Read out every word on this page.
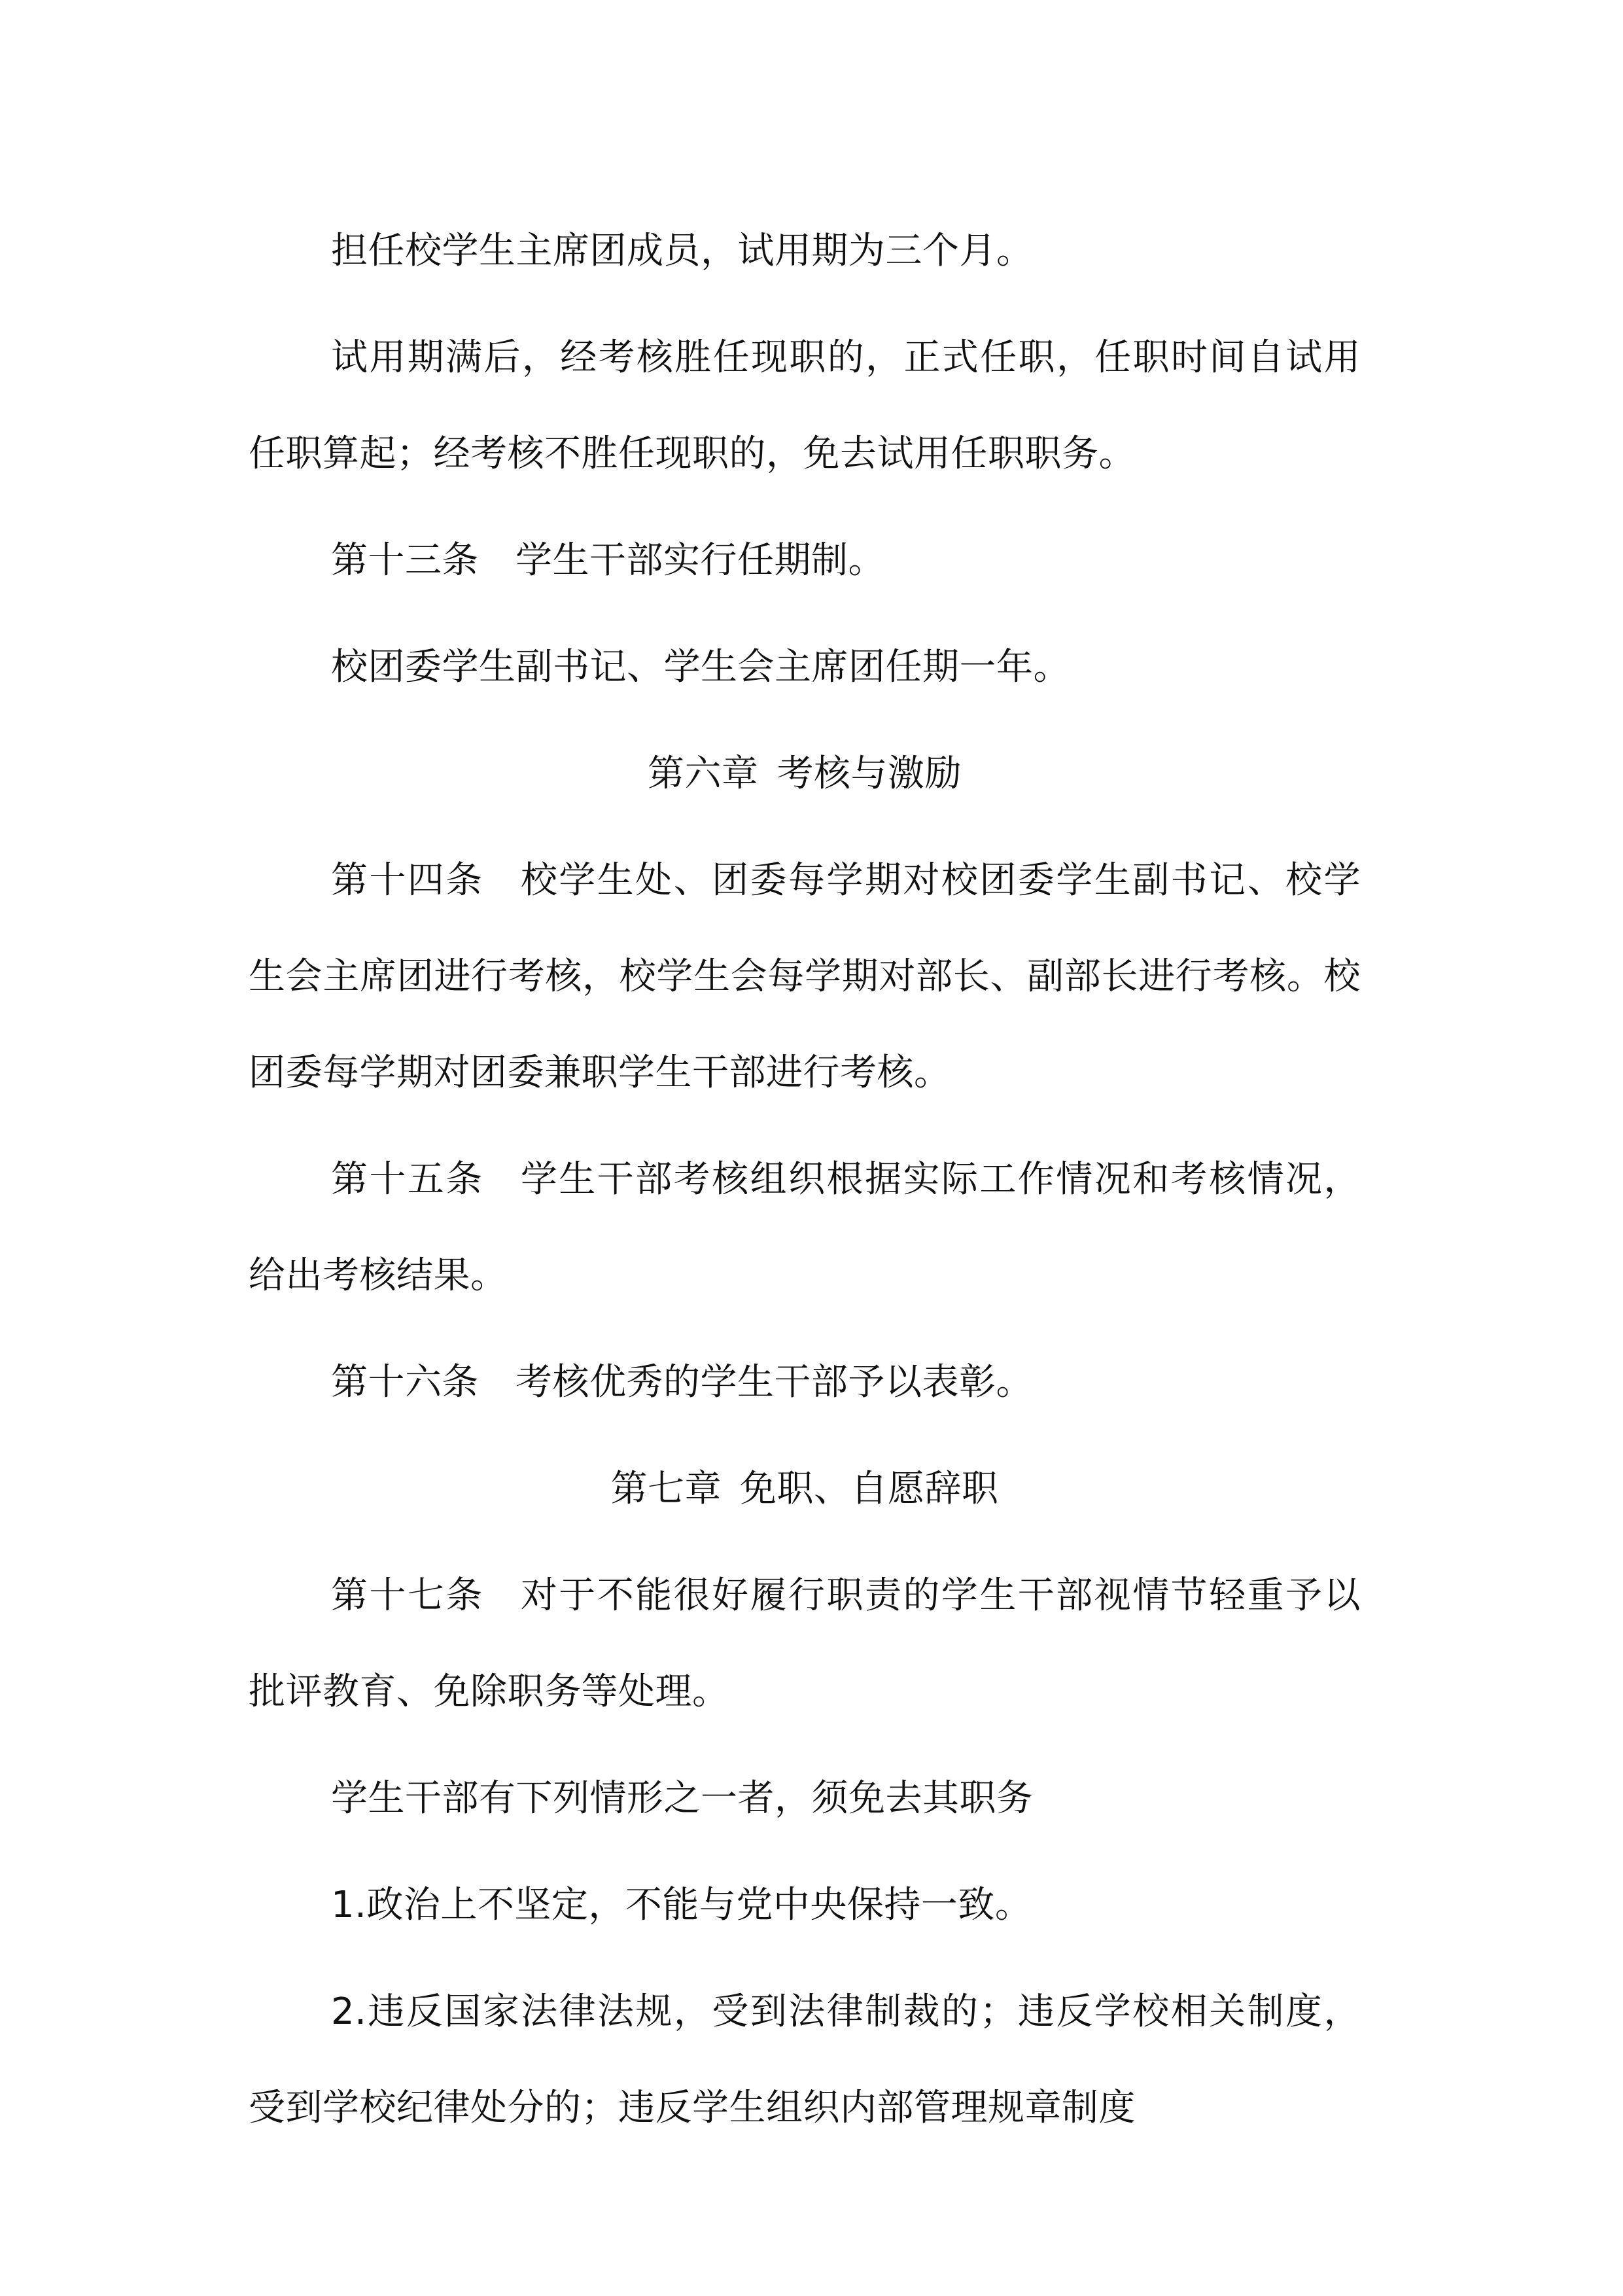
担任校学生主席团成员，试用期为三个月。

试用期满后，经考核胜任现职的，正式任职，任职时间自试用任职算起；经考核不胜任现职的，免去试用任职职务。

第十三条 学生干部实行任期制。

校团委学生副书记、学生会主席团任期一年。

第六章 考核与激励

第十四条 校学生处、团委每学期对校团委学生副书记、校学生会主席团进行考核，校学生会每学期对部长、副部长进行考核。校团委每学期对团委兼职学生干部进行考核。

第十五条 学生干部考核组织根据实际工作情况和考核情况，给出考核结果。

第十六条 考核优秀的学生干部予以表彰。

第七章 免职、自愿辞职

第十七条 对于不能很好履行职责的学生干部视情节轻重予以批评教育、免除职务等处理。

学生干部有下列情形之一者，须免去其职务

1.政治上不坚定，不能与党中央保持一致。

2.违反国家法律法规，受到法律制裁的；违反学校相关制度，受到学校纪律处分的；违反学生组织内部管理规章制度
